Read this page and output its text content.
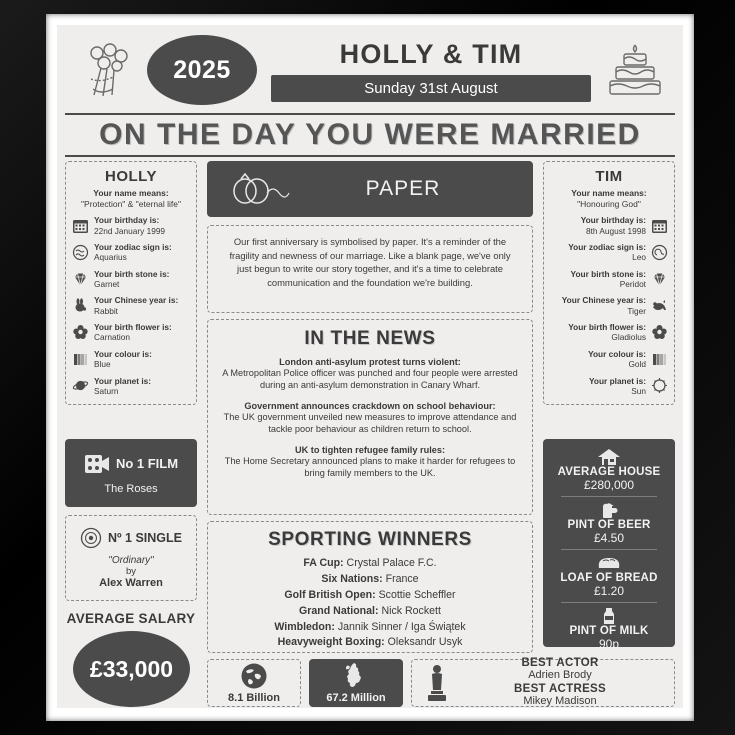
2025
HOLLY & TIM
Sunday 31st August
ON THE DAY YOU WERE MARRIED
HOLLY
Your name means:
"Protection" & "eternal life"
Your birthday is:
22nd January 1999
Your zodiac sign is:
Aquarius
Your birth stone is:
Garnet
Your Chinese year is:
Rabbit
Your birth flower is:
Carnation
Your colour is:
Blue
Your planet is:
Saturn
TIM
Your name means:
"Honouring God"
Your birthday is:
8th August 1998
Your zodiac sign is:
Leo
Your birth stone is:
Peridot
Your Chinese year is:
Tiger
Your birth flower is:
Gladiolus
Your colour is:
Gold
Your planet is:
Sun
PAPER

Our first anniversary is symbolised by paper. It's a reminder of the fragility and newness of our marriage. Like a blank page, we've only just begun to write our story together, and it's a time to celebrate communication and the foundation we're building.

IN THE NEWS
London anti-asylum protest turns violent:
A Metropolitan Police officer was punched and four people were arrested during an anti-asylum demonstration in Canary Wharf.
Government announces crackdown on school behaviour:
The UK government unveiled new measures to improve attendance and tackle poor behaviour as children return to school.
UK to tighten refugee family rules:
The Home Secretary announced plans to make it harder for refugees to bring family members to the UK.
SPORTING WINNERS
FA Cup: Crystal Palace F.C.
Six Nations: France
Golf British Open: Scottie Scheffler
Grand National: Nick Rockett
Wimbledon: Jannik Sinner / Iga Świątek
Heavyweight Boxing: Oleksandr Usyk
No 1 FILM
The Roses
Nº 1 SINGLE
"Ordinary"
by
Alex Warren
AVERAGE SALARY
£33,000
AVERAGE HOUSE
£280,000
PINT OF BEER
£4.50
LOAF OF BREAD
£1.20
PINT OF MILK
90p
8.1 Billion	67.2 Million
BEST ACTOR
Adrien Brody
BEST ACTRESS
Mikey Madison
